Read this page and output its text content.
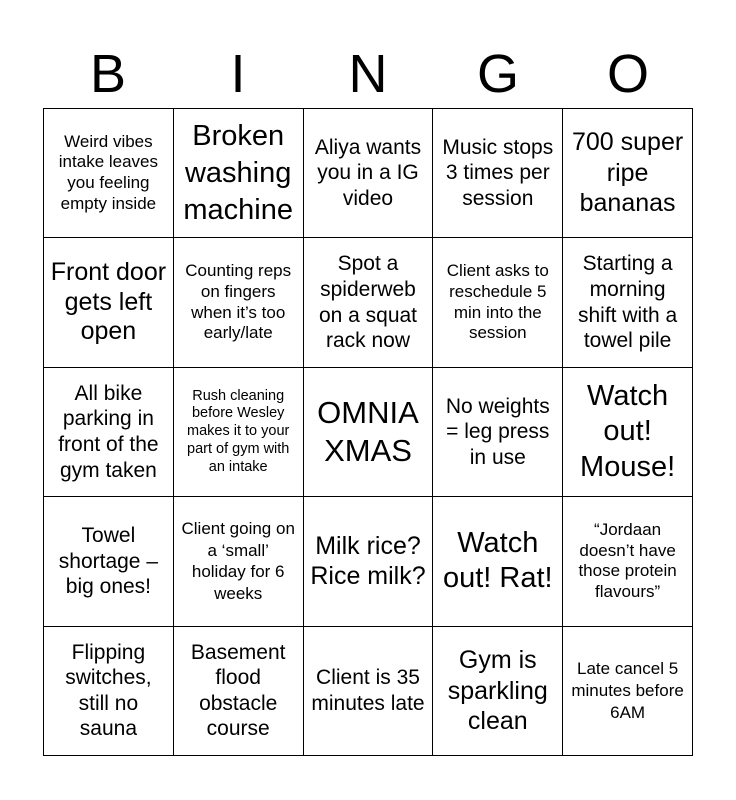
B	I	N	G	O
Weird vibes intake leaves you feeling empty inside
Broken washing machine
Aliya wants you in a IG video
Music stops 3 times per session
700 super ripe bananas
Front door gets left open
Counting reps on fingers when it’s too early/late
Spot a spiderweb on a squat rack now
Client asks to reschedule 5 min into the session
Starting a morning shift with a towel pile
All bike parking in front of the gym taken
Rush cleaning before Wesley makes it to your part of gym with an intake
OMNIA XMAS
No weights = leg press in use
Watch out! Mouse!
Towel shortage – big ones!
Client going on a ‘small’ holiday for 6 weeks
Milk rice? Rice milk?
Watch out! Rat!
“Jordaan doesn’t have those protein flavours”
Flipping switches, still no sauna
Basement flood obstacle course
Client is 35 minutes late
Gym is sparkling clean
Late cancel 5 minutes before 6AM
